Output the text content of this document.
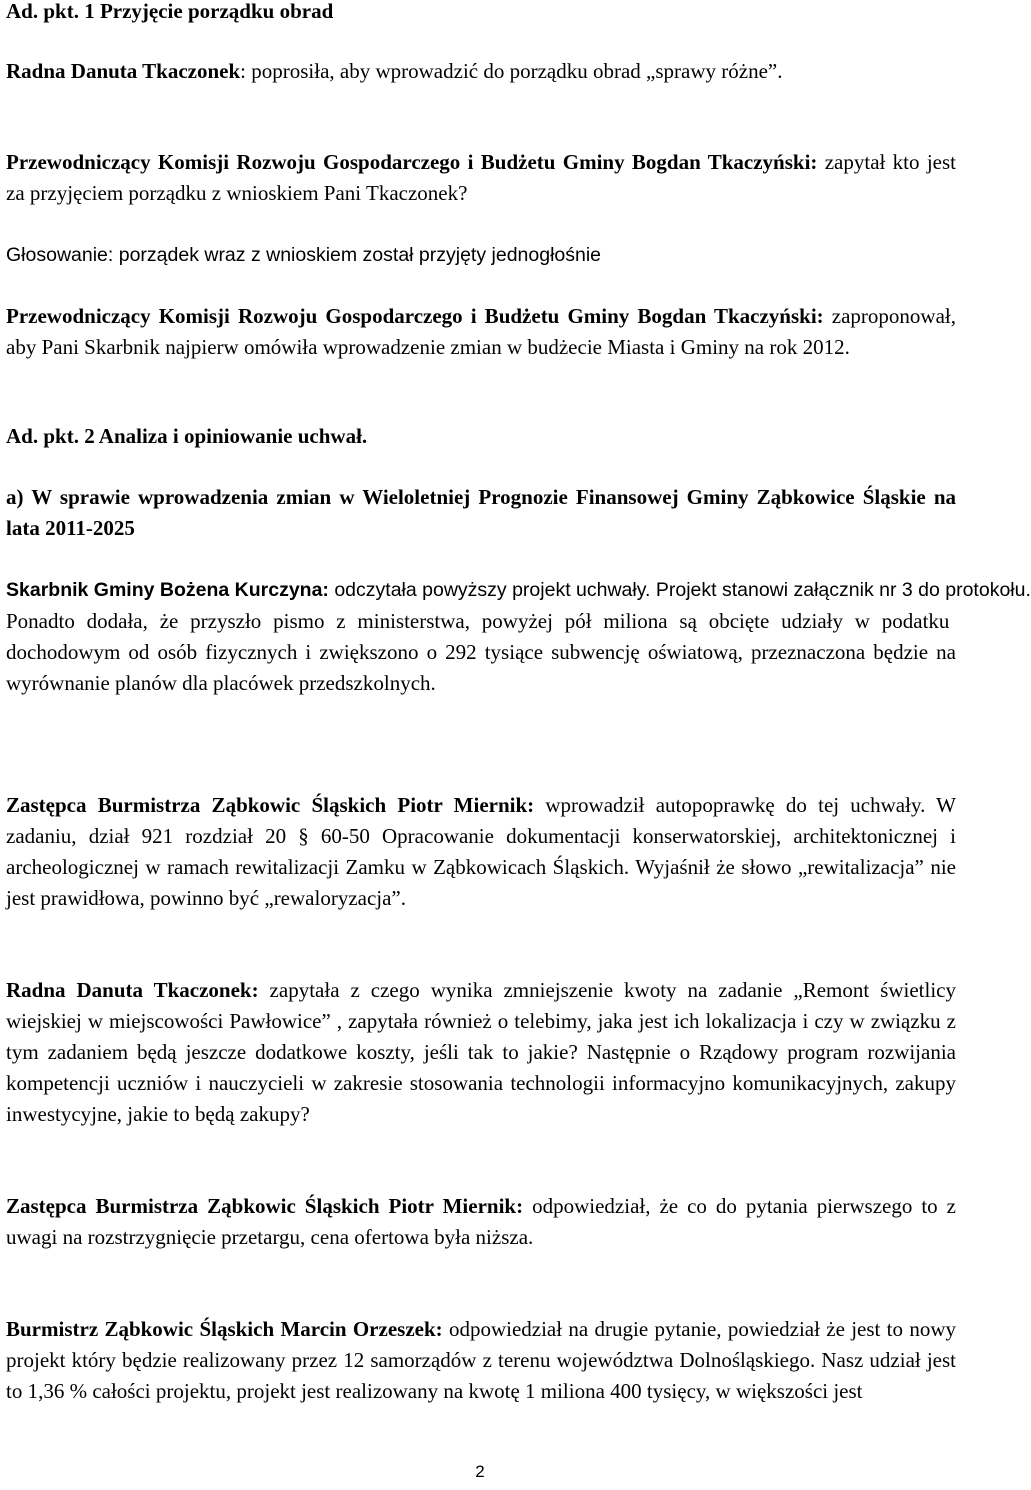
Ad. pkt. 1 Przyjęcie porządku obrad

Radna Danuta Tkaczonek: poprosiła, aby wprowadzić do porządku obrad „sprawy różne”.

Przewodniczący Komisji Rozwoju Gospodarczego i Budżetu Gminy Bogdan Tkaczyński: zapytał kto jest za przyjęciem porządku z wnioskiem Pani Tkaczonek?

Głosowanie: porządek wraz z wnioskiem został przyjęty jednogłośnie

Przewodniczący Komisji Rozwoju Gospodarczego i Budżetu Gminy Bogdan Tkaczyński: zaproponował, aby Pani Skarbnik najpierw omówiła wprowadzenie zmian w budżecie Miasta i Gminy na rok 2012.

Ad. pkt. 2 Analiza i opiniowanie uchwał.

a) W sprawie wprowadzenia zmian w Wieloletniej Prognozie Finansowej Gminy Ząbkowice Śląskie na lata 2011-2025

Skarbnik Gminy Bożena Kurczyna: odczytała powyższy projekt uchwały. Projekt stanowi załącznik nr 3 do protokołu. Ponadto dodała, że przyszło pismo z ministerstwa, powyżej pół miliona są obcięte udziały w podatku dochodowym od osób fizycznych i zwiększono o 292 tysiące subwencję oświatową, przeznaczona będzie na wyrównanie planów dla placówek przedszkolnych.

Zastępca Burmistrza Ząbkowic Śląskich Piotr Miernik: wprowadził autopoprawkę do tej uchwały. W zadaniu, dział 921 rozdział 20 § 60-50 Opracowanie dokumentacji konserwatorskiej, architektonicznej i archeologicznej w ramach rewitalizacji Zamku w Ząbkowicach Śląskich. Wyjaśnił że słowo „rewitalizacja” nie jest prawidłowa, powinno być „rewaloryzacja”.

Radna Danuta Tkaczonek: zapytała z czego wynika zmniejszenie kwoty na zadanie „Remont świetlicy wiejskiej w miejscowości Pawłowice” , zapytała również o telebimy, jaka jest ich lokalizacja i czy w związku z tym zadaniem będą jeszcze dodatkowe koszty, jeśli tak to jakie? Następnie o Rządowy program rozwijania kompetencji uczniów i nauczycieli w zakresie stosowania technologii informacyjno komunikacyjnych, zakupy inwestycyjne, jakie to będą zakupy?

Zastępca Burmistrza Ząbkowic Śląskich Piotr Miernik: odpowiedział, że co do pytania pierwszego to z uwagi na rozstrzygnięcie przetargu, cena ofertowa była niższa.

Burmistrz Ząbkowic Śląskich Marcin Orzeszek: odpowiedział na drugie pytanie, powiedział że jest to nowy projekt który będzie realizowany przez 12 samorządów z terenu województwa Dolnośląskiego. Nasz udział jest to 1,36 % całości projektu, projekt jest realizowany na kwotę 1 miliona 400 tysięcy, w większości jest

2
